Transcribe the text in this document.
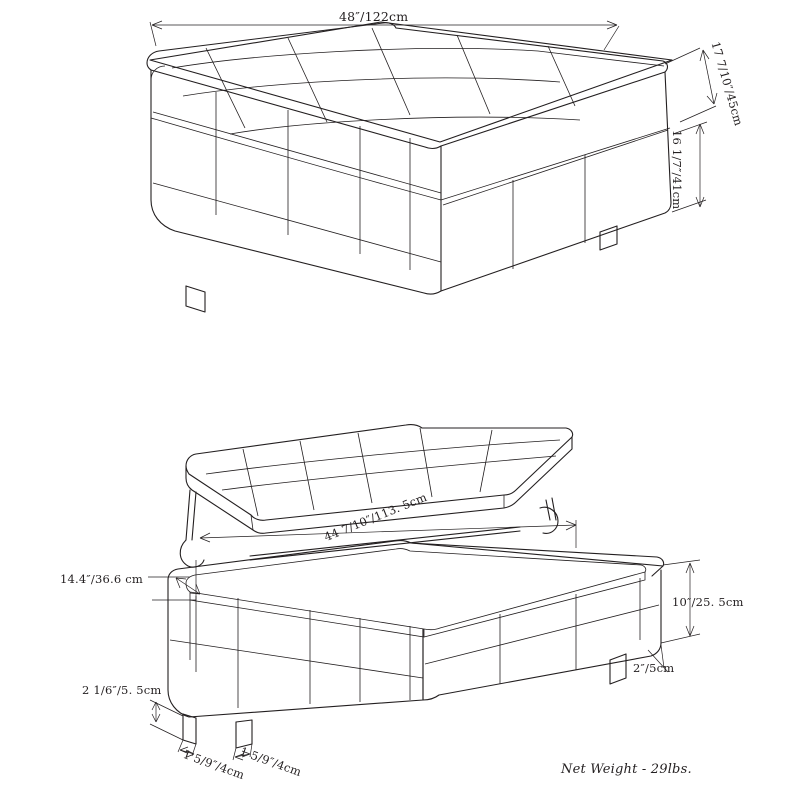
48″/122cm
17 7/10″/45cm
16 1/7″/41cm
44 7/10″/113. 5cm
14.4″/36.6 cm
10″/25. 5cm
2″/5cm
2 1/6″/5. 5cm
1 5/9″/4cm
1 5/9″/4cm	Net Weight - 29lbs.
